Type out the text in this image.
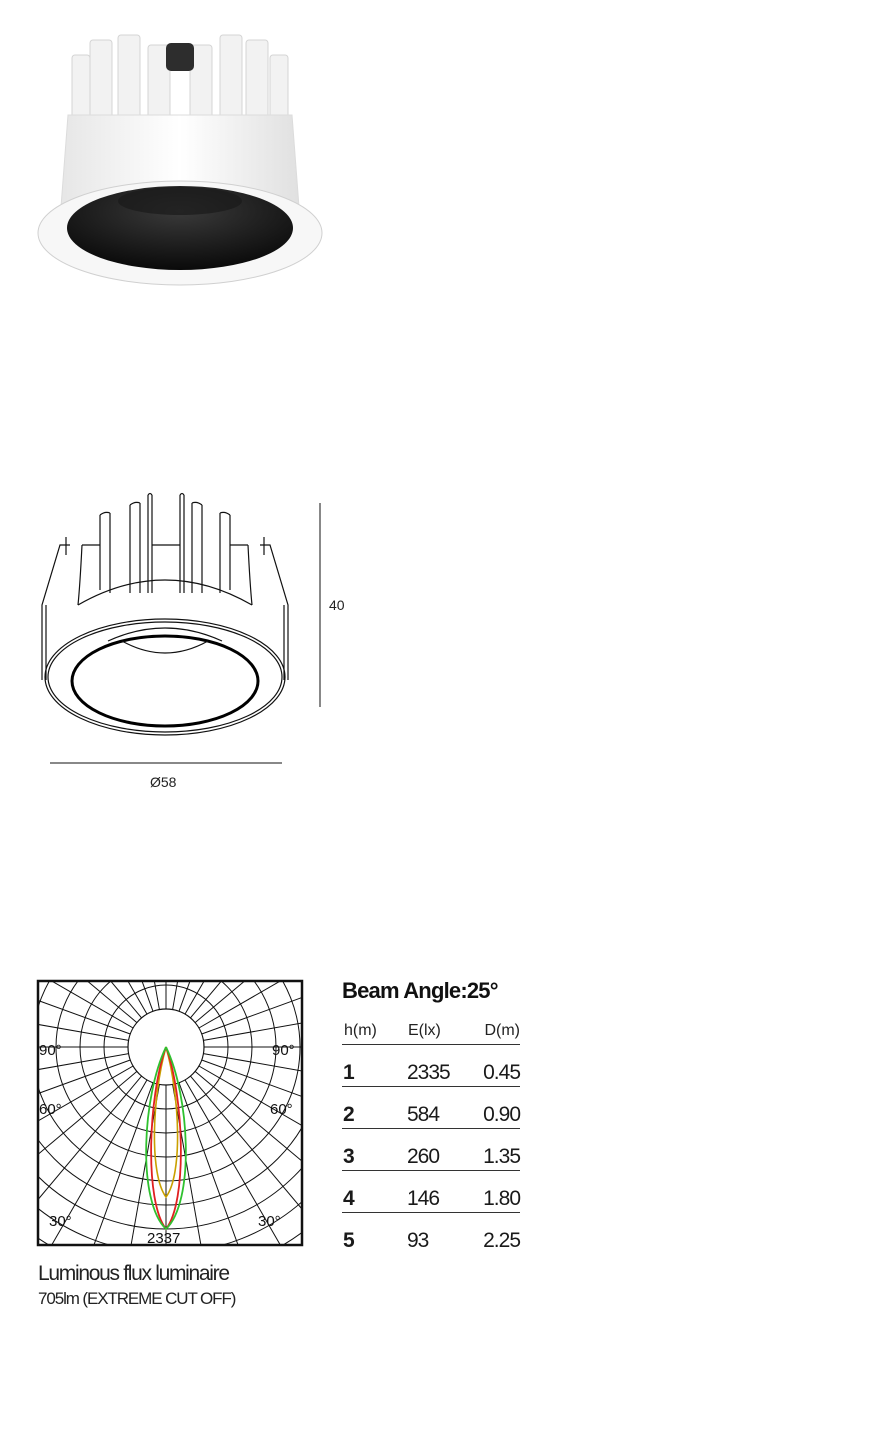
40
Ø58
90°
60°
30°
90°
60°
30°
2337
Luminous flux luminaire
705lm (EXTREME CUT OFF)
Beam Angle:25°
h(m)	E(lx)	D(m)
1	2335	0.45
2	584	0.90
3	260	1.35
4	146	1.80
5	93	2.25
